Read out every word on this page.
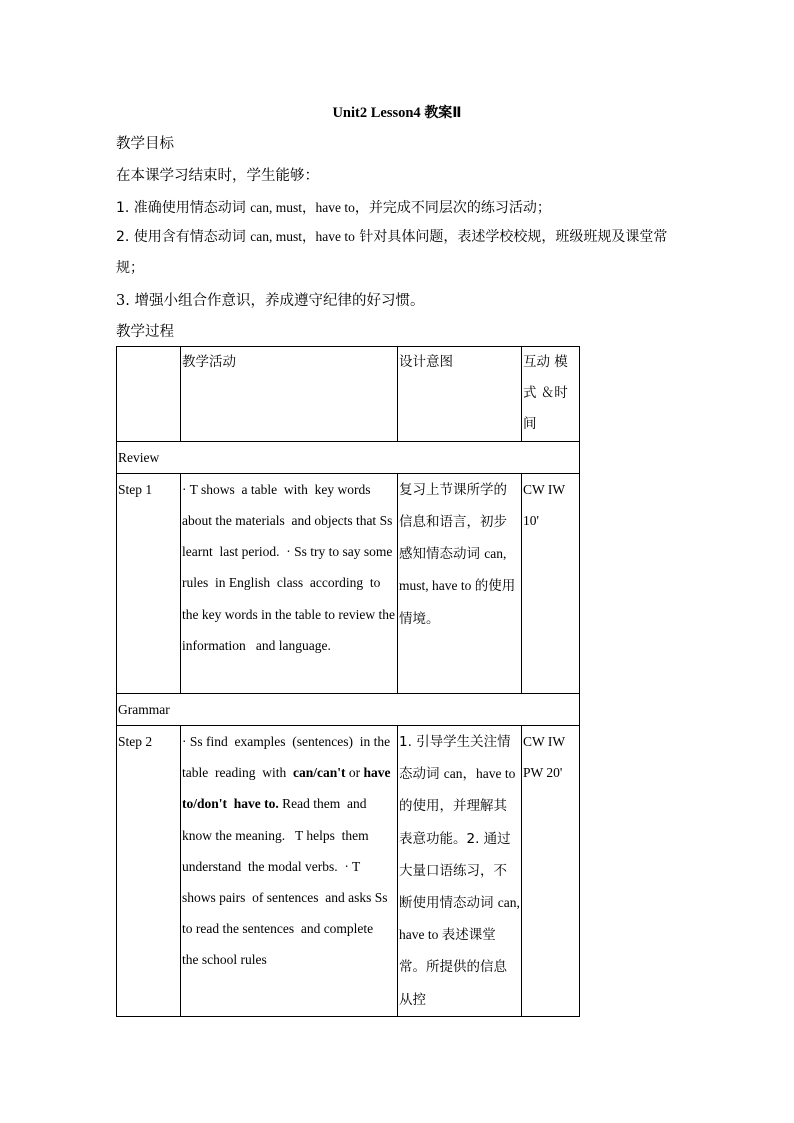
Unit2 Lesson4 教案Ⅱ
教学目标
在本课学习结束时，学生能够：
1. 准确使用情态动词 can, must，have to，并完成不同层次的练习活动；
2. 使用含有情态动词 can, must，have to 针对具体问题，表述学校校规，班级班规及课堂常规；
3. 增强小组合作意识，养成遵守纪律的好习惯。
教学过程
	教学活动	设计意图	互动 模 式 ＆时 间
Review			
Step 1	· T shows  a table  with  key words about the materials  and objects that Ss learnt  last period.  · Ss try to say some rules  in English  class  according  to the key words in the table to review the information   and language.	复习上节课所学的信息和语言，初步感知情态动词 can, must, have to 的使用情境。	CW IW 10'
Grammar			
Step 2	· Ss find  examples  (sentences)  in the table  reading  with  can/can't or have to/don't  have to. Read them  and know the meaning.   T helps  them  understand  the modal verbs.  · T shows pairs  of sentences  and asks Ss to read the sentences  and complete  the school rules	1. 引导学生关注情态动词 can，have to 的使用，并理解其表意功能。2. 通过大量口语练习，不断使用情态动词 can, have to 表述课堂常。所提供的信息从控	CW IW PW 20'
